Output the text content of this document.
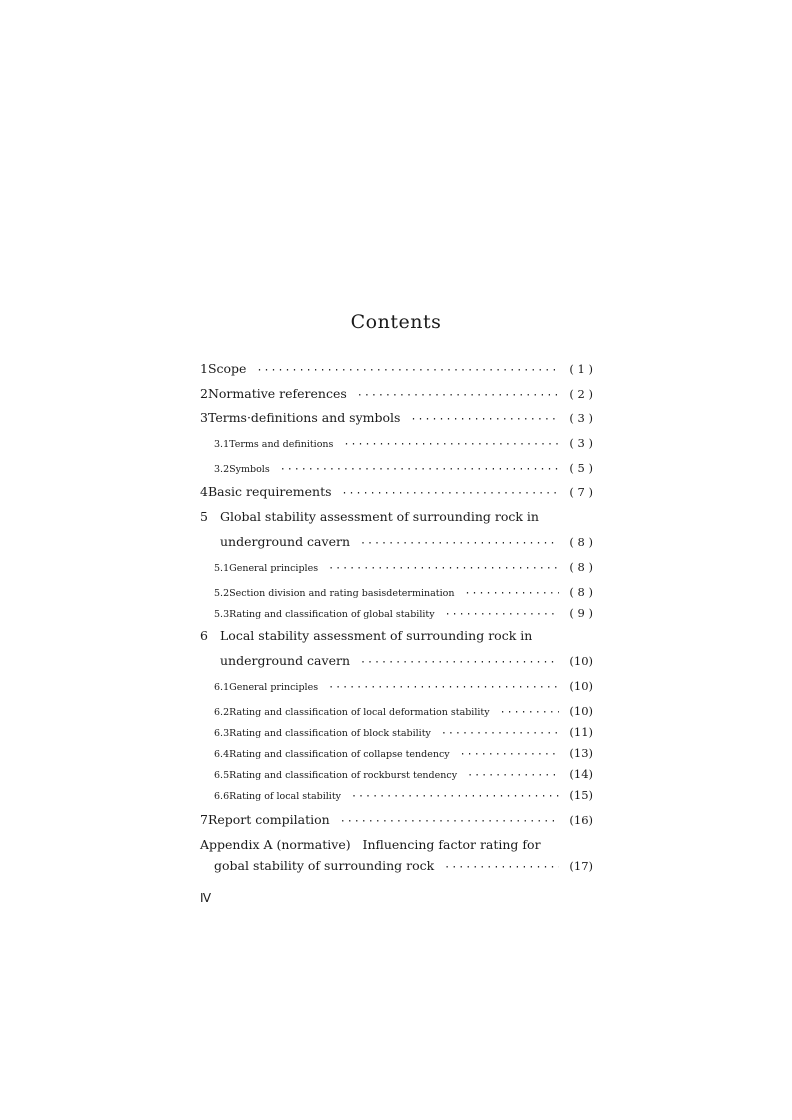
Contents
1 Scope ·····	( 1 )
2 Normative references ·····	( 2 )
3 Terms·definitions and symbols ·····	( 3 )
3.1 Terms and definitions ·····	( 3 )
3.2 Symbols ·····	( 5 )
4 Basic requirements ·····	( 7 )
5 Global stability assessment of surrounding rock in
underground cavern ·····	( 8 )
5.1 General principles ·····	( 8 )
5.2 Section division and rating basisdetermination ·····	( 8 )
5.3 Rating and classification of global stability ·····	( 9 )
6 Local stability assessment of surrounding rock in
underground cavern ·····	(10)
6.1 General principles ·····	(10)
6.2 Rating and classification of local deformation stability ·····	(10)
6.3 Rating and classification of block stability ·····	(11)
6.4 Rating and classification of collapse tendency ·····	(13)
6.5 Rating and classification of rockburst tendency ·····	(14)
6.6 Rating of local stability ·····	(15)
7 Report compilation ·····	(16)
Appendix A (normative)   Influencing factor rating for
gobal stability of surrounding rock ·····	(17)
Ⅳ
